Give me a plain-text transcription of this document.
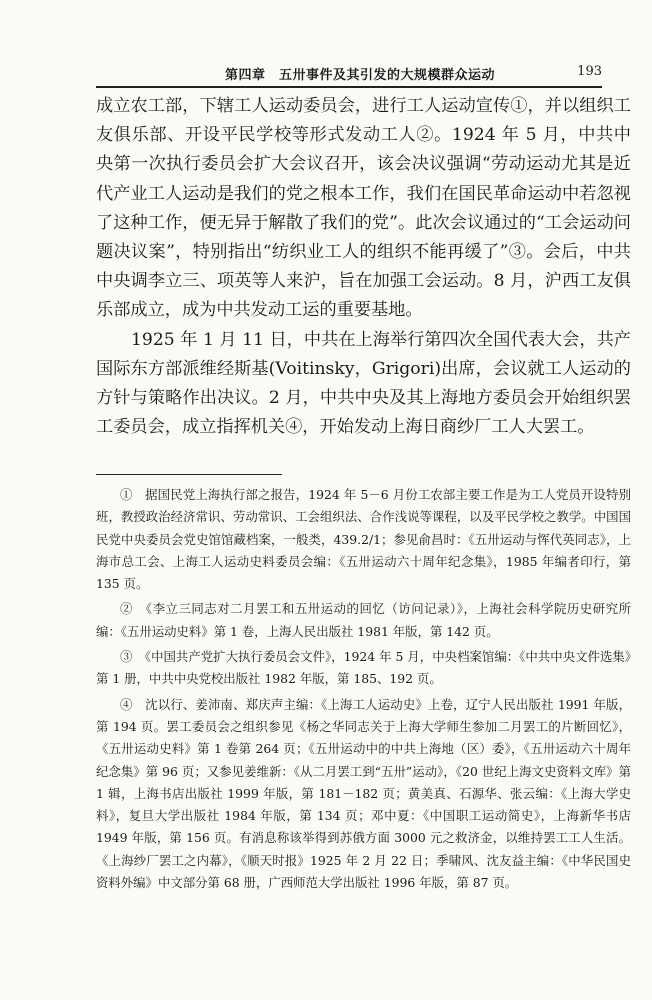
第四章　五卅事件及其引发的大规模群众运动	193

成立农工部，下辖工人运动委员会，进行工人运动宣传①，并以组织工友俱乐部、开设平民学校等形式发动工人②。1924 年 5 月，中共中央第一次执行委员会扩大会议召开，该会决议强调“劳动运动尤其是近代产业工人运动是我们的党之根本工作，我们在国民革命运动中若忽视了这种工作，便无异于解散了我们的党”。此次会议通过的“工会运动问题决议案”，特别指出“纺织业工人的组织不能再缓了”③。会后，中共中央调李立三、项英等人来沪，旨在加强工会运动。8 月，沪西工友俱乐部成立，成为中共发动工运的重要基地。

1925 年 1 月 11 日，中共在上海举行第四次全国代表大会，共产国际东方部派维经斯基(Voitinsky，Grigori)出席，会议就工人运动的方针与策略作出决议。2 月，中共中央及其上海地方委员会开始组织罢工委员会，成立指挥机关④，开始发动上海日商纱厂工人大罢工。

①　据国民党上海执行部之报告，1924 年 5－6 月份工农部主要工作是为工人党员开设特别班，教授政治经济常识、劳动常识、工会组织法、合作浅说等课程，以及平民学校之教学。中国国民党中央委员会党史馆馆藏档案，一般类，439.2/1；参见俞昌时：《五卅运动与恽代英同志》，上海市总工会、上海工人运动史料委员会编：《五卅运动六十周年纪念集》，1985 年编者印行，第 135 页。

②　《李立三同志对二月罢工和五卅运动的回忆（访问记录）》，上海社会科学院历史研究所编：《五卅运动史料》第 1 卷，上海人民出版社 1981 年版，第 142 页。

③　《中国共产党扩大执行委员会文件》，1924 年 5 月，中央档案馆编：《中共中央文件选集》第 1 册，中共中央党校出版社 1982 年版，第 185、192 页。

④　沈以行、姜沛南、郑庆声主编：《上海工人运动史》上卷，辽宁人民出版社 1991 年版，第 194 页。罢工委员会之组织参见《杨之华同志关于上海大学师生参加二月罢工的片断回忆》，《五卅运动史料》第 1 卷第 264 页；《五卅运动中的中共上海地（区）委》，《五卅运动六十周年纪念集》第 96 页；又参见姜维新：《从二月罢工到“五卅”运动》，《20 世纪上海文史资料文库》第 1 辑，上海书店出版社 1999 年版，第 181－182 页；黄美真、石源华、张云编：《上海大学史料》，复旦大学出版社 1984 年版，第 134 页；邓中夏：《中国职工运动简史》，上海新华书店 1949 年版，第 156 页。有消息称该举得到苏俄方面 3000 元之救济金，以维持罢工工人生活。《上海纱厂罢工之内幕》，《顺天时报》1925 年 2 月 22 日；季啸风、沈友益主编：《中华民国史资料外编》中文部分第 68 册，广西师范大学出版社 1996 年版，第 87 页。
